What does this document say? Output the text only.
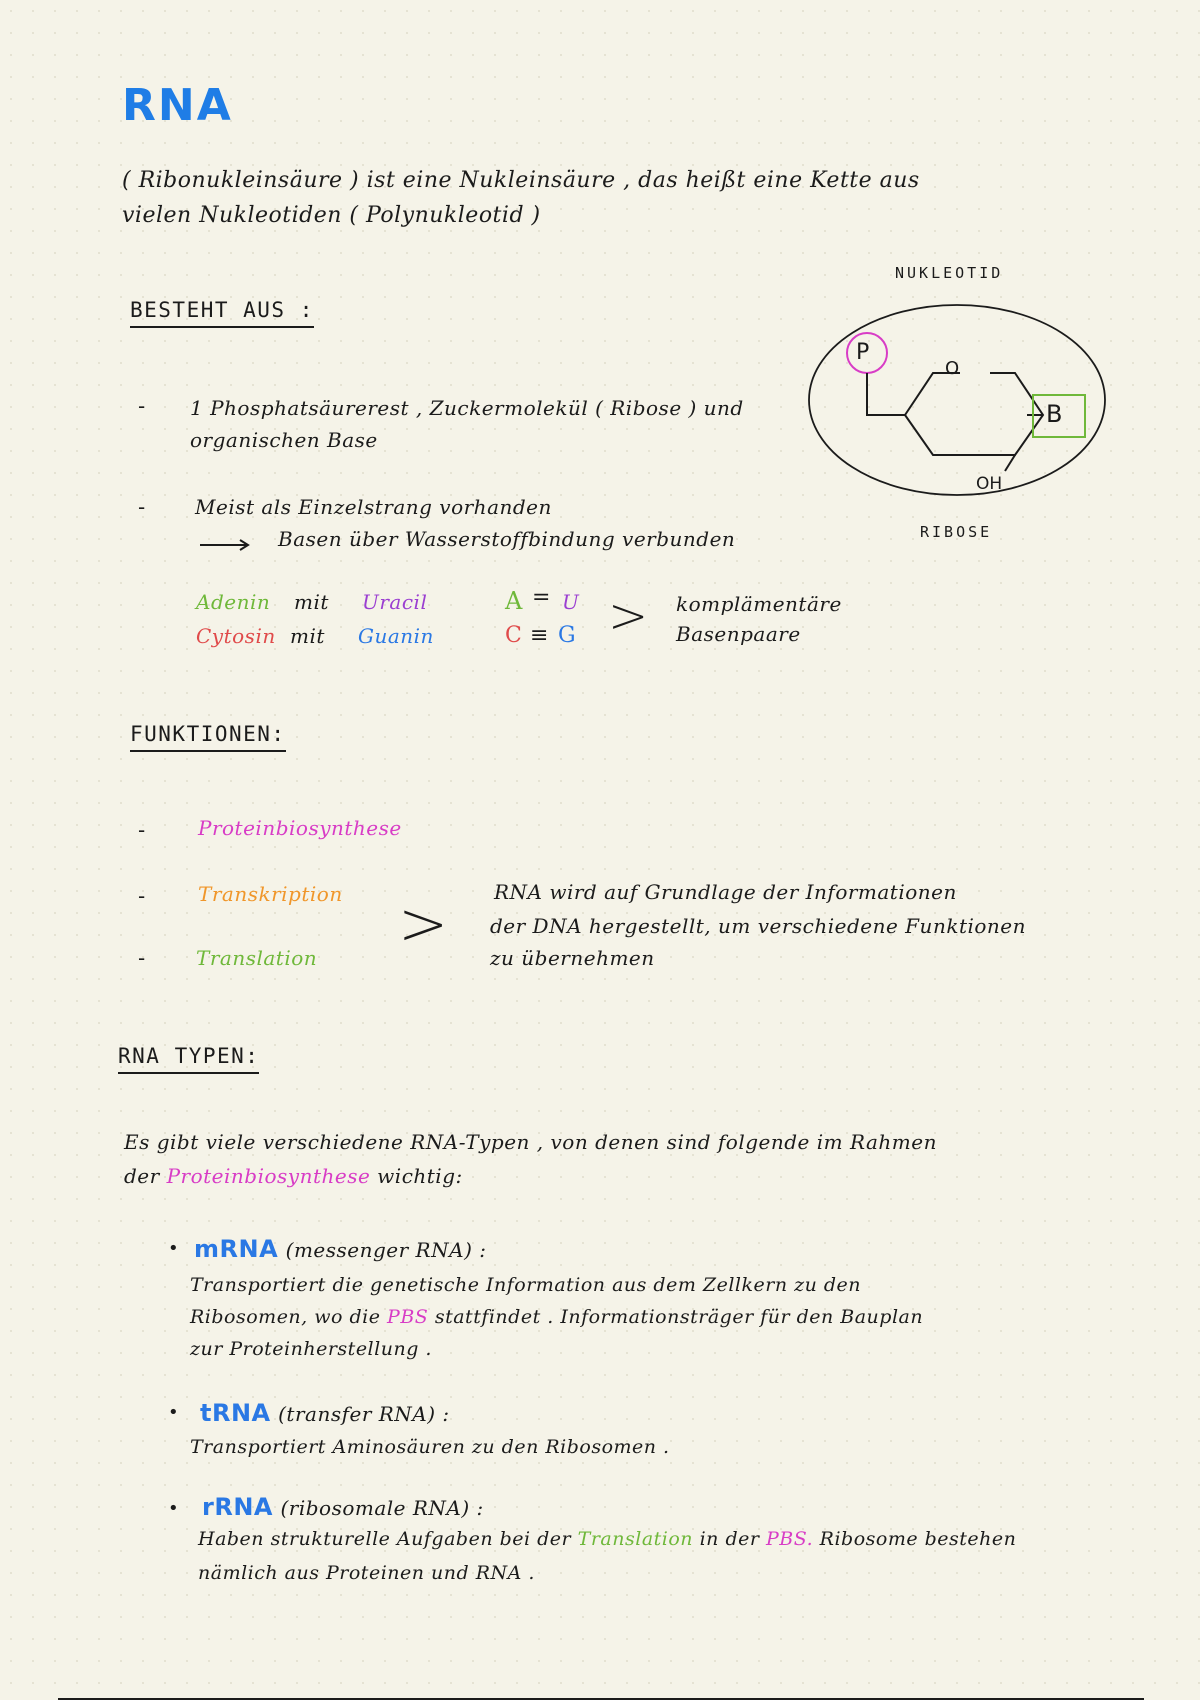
RNA
( Ribonukleinsäure ) ist eine Nukleinsäure , das heißt eine Kette aus
vielen Nukleotiden ( Polynukleotid )
BESTEHT AUS :
- 1 Phosphatsäurerest , Zuckermolekül ( Ribose ) und
organischen Base
- Meist als Einzelstrang vorhanden
Basen über Wasserstoffbindung verbunden
Adenin mit Uracil	A = U
Cytosin mit Guanin	C ≡ G > komplämentäre
Basenpaare
NUKLEOTID
P
B
O
OH
RIBOSE
FUNKTIONEN:
-	Proteinbiosynthese
-	Transkription
-	Translation > RNA wird auf Grundlage der Informationen
der DNA hergestellt, um verschiedene Funktionen
zu übernehmen
RNA TYPEN:
Es gibt viele verschiedene RNA-Typen , von denen sind folgende im Rahmen
der Proteinbiosynthese wichtig:
• mRNA (messenger RNA) :
Transportiert die genetische Information aus dem Zellkern zu den
Ribosomen, wo die PBS stattfindet . Informationsträger für den Bauplan
zur Proteinherstellung .
• tRNA (transfer RNA) :
Transportiert Aminosäuren zu den Ribosomen .
• rRNA (ribosomale RNA) :
Haben strukturelle Aufgaben bei der Translation in der PBS. Ribosome bestehen
nämlich aus Proteinen und RNA .
